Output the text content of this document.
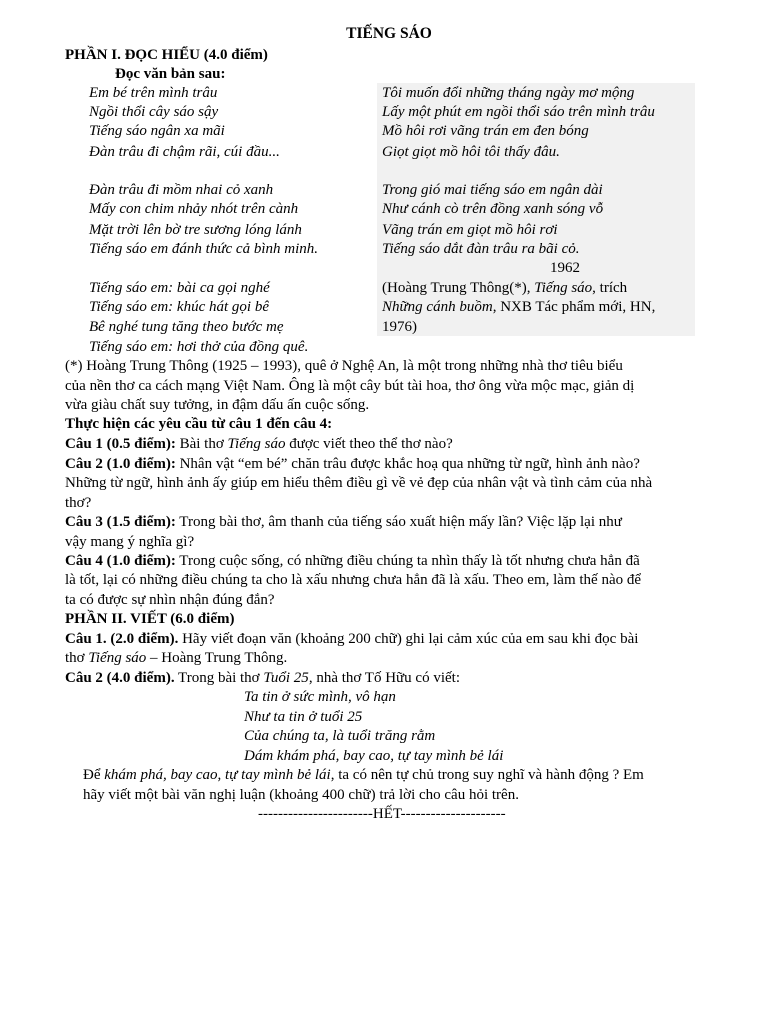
TIẾNG SÁO
PHẦN I. ĐỌC HIỂU (4.0 điểm)
Đọc văn bản sau:
Em bé trên mình trâu
Ngồi thổi cây sáo sậy
Tiếng sáo ngân xa mãi
Đàn trâu đi chậm rãi, cúi đầu...
Đàn trâu đi mồm nhai cỏ xanh
Mấy con chim nhảy nhót trên cành
Mặt trời lên bờ tre sương lóng lánh
Tiếng sáo em đánh thức cả bình minh.
Tiếng sáo em: bài ca gọi nghé
Tiếng sáo em: khúc hát gọi bê
Bê nghé tung tăng theo bước mẹ
Tiếng sáo em: hơi thở của đồng quê.
Tôi muốn đổi những tháng ngày mơ mộng
Lấy một phút em ngồi thổi sáo trên mình trâu
Mồ hôi rơi vãng trán em đen bóng
Giọt giọt mồ hôi tôi thấy đâu.
Trong gió mai tiếng sáo em ngân dài
Như cánh cò trên đồng xanh sóng vỗ
Vãng trán em giọt mồ hôi rơi
Tiếng sáo dắt đàn trâu ra bãi cỏ.
1962
(Hoàng Trung Thông(*), Tiếng sáo, trích
Những cánh buồm, NXB Tác phẩm mới, HN,
1976)
(*) Hoàng Trung Thông (1925 – 1993), quê ở Nghệ An, là một trong những nhà thơ tiêu biểu
của nền thơ ca cách mạng Việt Nam. Ông là một cây bút tài hoa, thơ ông vừa mộc mạc, giản dị
vừa giàu chất suy tưởng, in đậm dấu ấn cuộc sống.
Thực hiện các yêu cầu từ câu 1 đến câu 4:
Câu 1 (0.5 điểm): Bài thơ Tiếng sáo được viết theo thể thơ nào?
Câu 2 (1.0 điểm): Nhân vật “em bé” chăn trâu được khắc hoạ qua những từ ngữ, hình ảnh nào?
Những từ ngữ, hình ảnh ấy giúp em hiểu thêm điều gì về vẻ đẹp của nhân vật và tình cảm của nhà
thơ?
Câu 3 (1.5 điểm): Trong bài thơ, âm thanh của tiếng sáo xuất hiện mấy lần? Việc lặp lại như
vậy mang ý nghĩa gì?
Câu 4 (1.0 điểm): Trong cuộc sống, có những điều chúng ta nhìn thấy là tốt nhưng chưa hẳn đã
là tốt, lại có những điều chúng ta cho là xấu nhưng chưa hẳn đã là xấu. Theo em, làm thế nào để
ta có được sự nhìn nhận đúng đắn?
PHẦN II. VIẾT (6.0 điểm)
Câu 1. (2.0 điểm). Hãy viết đoạn văn (khoảng 200 chữ) ghi lại cảm xúc của em sau khi đọc bài
thơ Tiếng sáo – Hoàng Trung Thông.
Câu 2 (4.0 điểm). Trong bài thơ Tuổi 25, nhà thơ Tố Hữu có viết:
Ta tin ở sức mình, vô hạn
Như ta tin ở tuổi 25
Của chúng ta, là tuổi trăng rằm
Dám khám phá, bay cao, tự tay mình bẻ lái
Để khám phá, bay cao, tự tay mình bẻ lái, ta có nên tự chủ trong suy nghĩ và hành động ? Em
hãy viết một bài văn nghị luận (khoảng 400 chữ) trả lời cho câu hỏi trên.
-----------------------HẾT---------------------
